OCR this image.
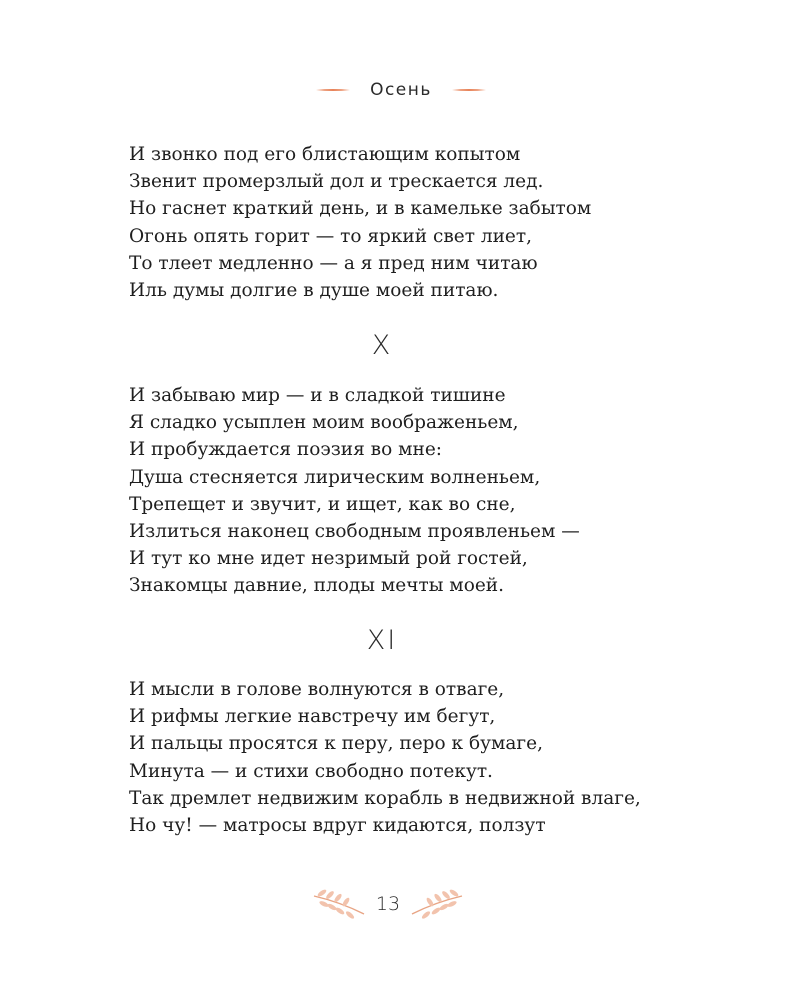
Осень
И звонко под его блистающим копытом
Звенит промерзлый дол и трескается лед.
Но гаснет краткий день, и в камельке забытом
Огонь опять горит — то яркий свет лиет,
То тлеет медленно — а я пред ним читаю
Иль думы долгие в душе моей питаю.
X
И забываю мир — и в сладкой тишине
Я сладко усыплен моим воображеньем,
И пробуждается поэзия во мне:
Душа стесняется лирическим волненьем,
Трепещет и звучит, и ищет, как во сне,
Излиться наконец свободным проявленьем —
И тут ко мне идет незримый рой гостей,
Знакомцы давние, плоды мечты моей.
XI
И мысли в голове волнуются в отваге,
И рифмы легкие навстречу им бегут,
И пальцы просятся к перу, перо к бумаге,
Минута — и стихи свободно потекут.
Так дремлет недвижим корабль в недвижной влаге,
Но чу! — матросы вдруг кидаются, ползут
13
